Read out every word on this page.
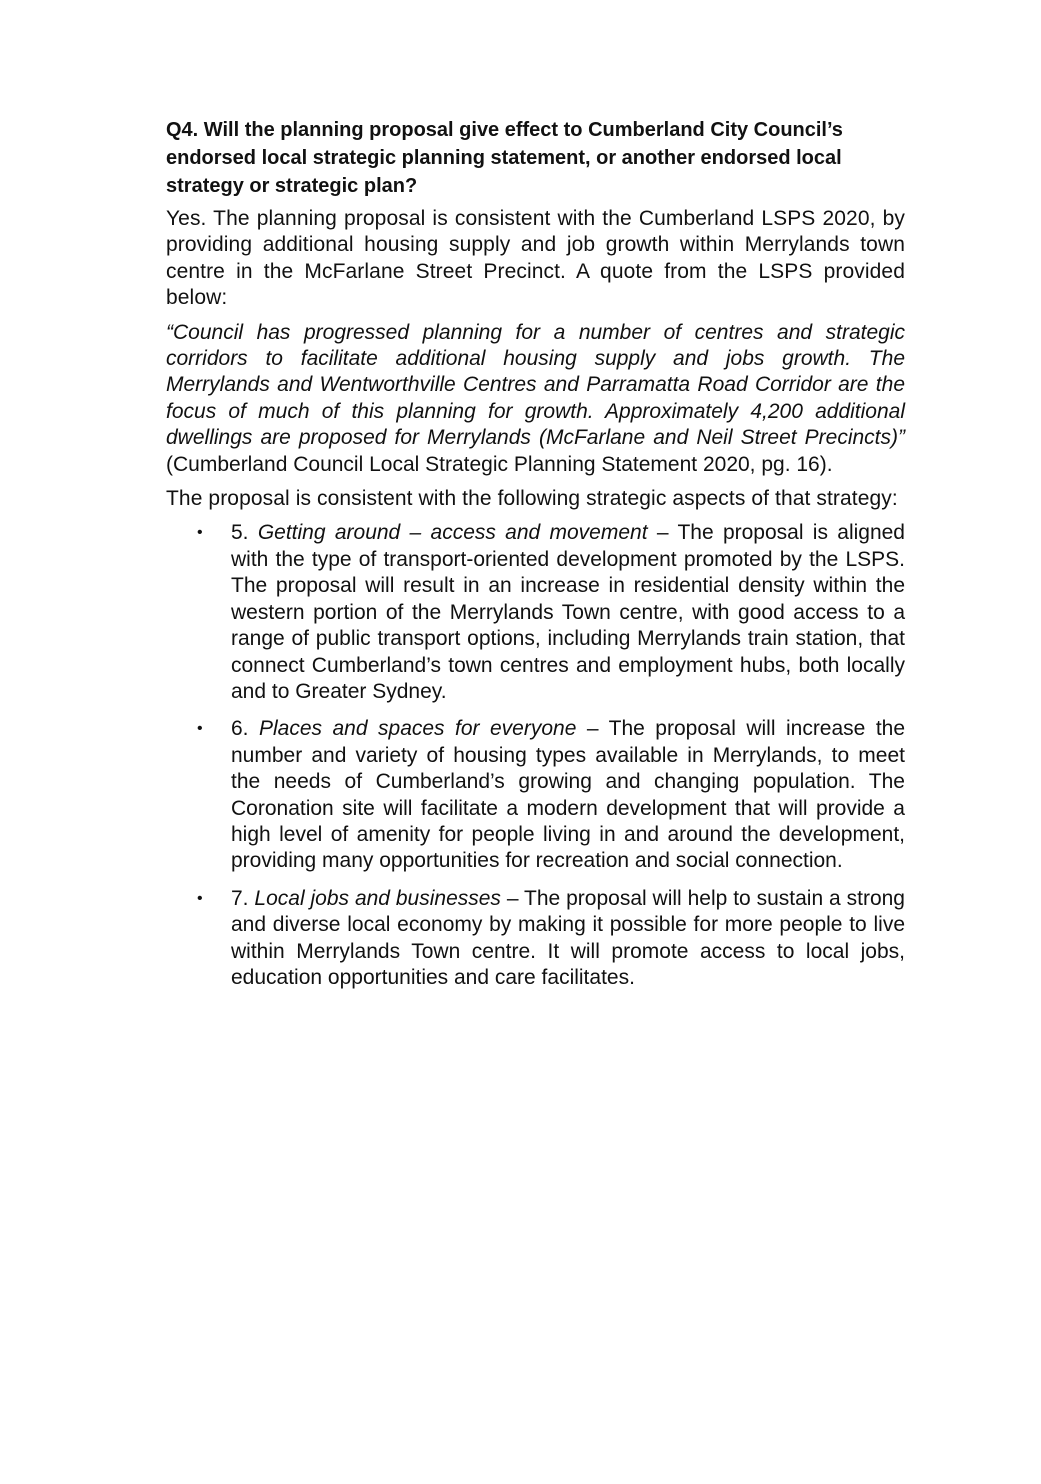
Q4. Will the planning proposal give effect to Cumberland City Council’s endorsed local strategic planning statement, or another endorsed local strategy or strategic plan?

Yes. The planning proposal is consistent with the Cumberland LSPS 2020, by providing additional housing supply and job growth within Merrylands town centre in the McFarlane Street Precinct. A quote from the LSPS provided below:

“Council has progressed planning for a number of centres and strategic corridors to facilitate additional housing supply and jobs growth. The Merrylands and Wentworthville Centres and Parramatta Road Corridor are the focus of much of this planning for growth. Approximately 4,200 additional dwellings are proposed for Merrylands (McFarlane and Neil Street Precincts)” (Cumberland Council Local Strategic Planning Statement 2020, pg. 16).

The proposal is consistent with the following strategic aspects of that strategy:

• 5. Getting around – access and movement – The proposal is aligned with the type of transport-oriented development promoted by the LSPS. The proposal will result in an increase in residential density within the western portion of the Merrylands Town centre, with good access to a range of public transport options, including Merrylands train station, that connect Cumberland’s town centres and employment hubs, both locally and to Greater Sydney.
• 6. Places and spaces for everyone – The proposal will increase the number and variety of housing types available in Merrylands, to meet the needs of Cumberland’s growing and changing population. The Coronation site will facilitate a modern development that will provide a high level of amenity for people living in and around the development, providing many opportunities for recreation and social connection.
• 7. Local jobs and businesses – The proposal will help to sustain a strong and diverse local economy by making it possible for more people to live within Merrylands Town centre. It will promote access to local jobs, education opportunities and care facilitates.
